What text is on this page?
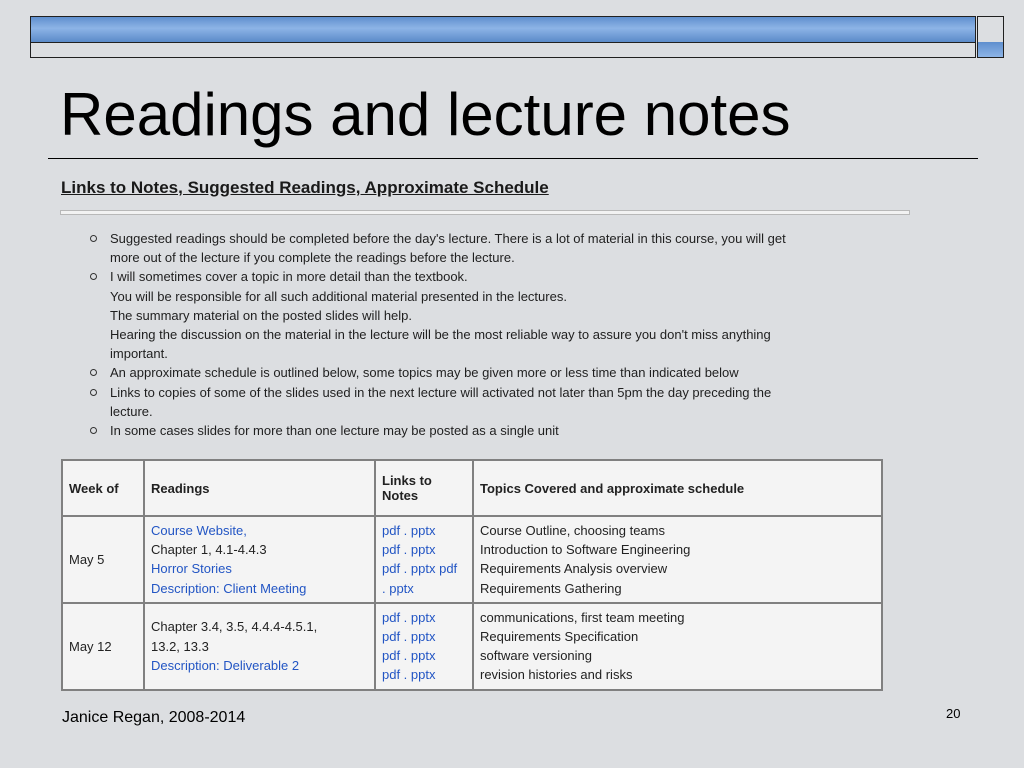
Readings and lecture notes
Links to Notes, Suggested Readings, Approximate Schedule
Suggested readings should be completed before the day's lecture. There is a lot of material in this course, you will get
more out of the lecture if you complete the readings before the lecture.
I will sometimes cover a topic in more detail than the textbook.
You will be responsible for all such additional material presented in the lectures.
The summary material on the posted slides will help.
Hearing the discussion on the material in the lecture will be the most reliable way to assure you don't miss anything
important.
An approximate schedule is outlined below, some topics may be given more or less time than indicated below
Links to copies of some of the slides used in the next lecture will activated not later than 5pm the day preceding the
lecture.
In some cases slides for more than one lecture may be posted as a single unit
Week of	Readings	Links to
Notes	Topics Covered and approximate schedule
May 5	Course Website,
Chapter 1, 4.1-4.4.3
Horror Stories
Description: Client Meeting	pdf . pptx
pdf . pptx
pdf . pptx pdf
. pptx	Course Outline, choosing teams
Introduction to Software Engineering
Requirements Analysis overview
Requirements Gathering

May 12	Chapter 3.4, 3.5, 4.4.4-4.5.1,
13.2, 13.3
Description: Deliverable 2	pdf . pptx
pdf . pptx
pdf . pptx
pdf . pptx	communications, first team meeting
Requirements Specification
software versioning
revision histories and risks
Janice Regan, 2008-2014	20
